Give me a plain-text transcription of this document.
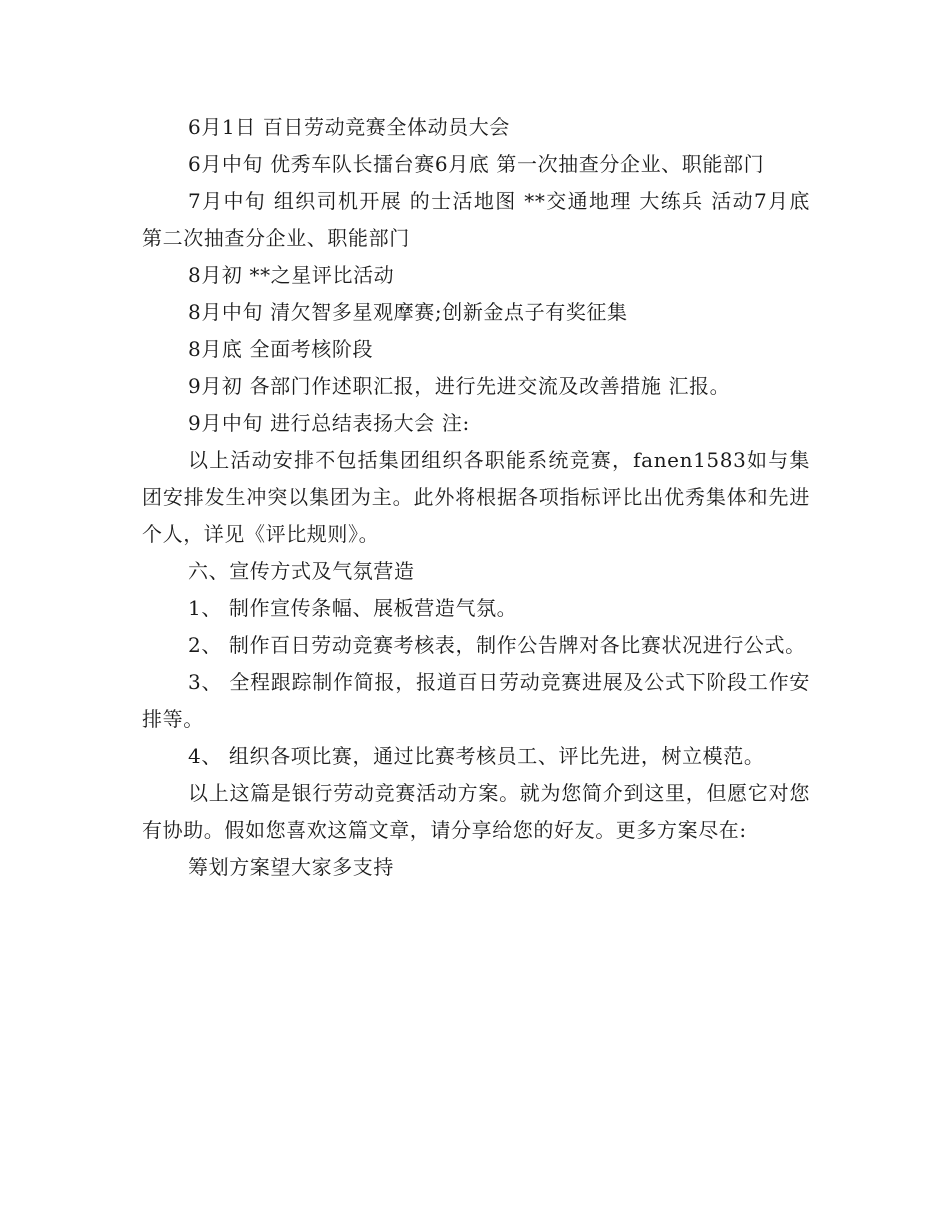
6月1日 百日劳动竞赛全体动员大会

6月中旬 优秀车队长擂台赛6月底 第一次抽查分企业、职能部门

7月中旬 组织司机开展 的士活地图 **交通地理 大练兵 活动7月底 第二次抽查分企业、职能部门

8月初 **之星评比活动

8月中旬 清欠智多星观摩赛;创新金点子有奖征集

8月底 全面考核阶段

9月初 各部门作述职汇报，进行先进交流及改善措施 汇报。

9月中旬 进行总结表扬大会 注:

以上活动安排不包括集团组织各职能系统竞赛，fanen1583如与集团安排发生冲突以集团为主。此外将根据各项指标评比出优秀集体和先进个人，详见《评比规则》。

六、宣传方式及气氛营造

1、 制作宣传条幅、展板营造气氛。

2、 制作百日劳动竞赛考核表，制作公告牌对各比赛状况进行公式。

3、 全程跟踪制作简报，报道百日劳动竞赛进展及公式下阶段工作安排等。

4、 组织各项比赛，通过比赛考核员工、评比先进，树立模范。

以上这篇是银行劳动竞赛活动方案。就为您简介到这里，但愿它对您有协助。假如您喜欢这篇文章，请分享给您的好友。更多方案尽在:

筹划方案望大家多支持
